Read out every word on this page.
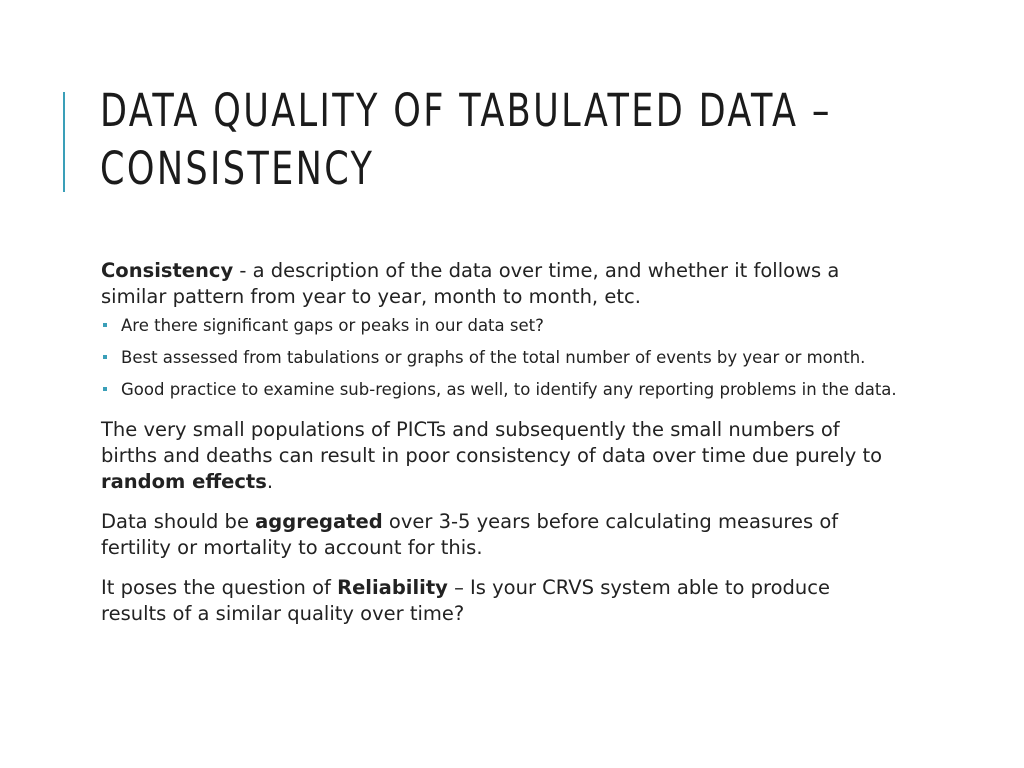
DATA QUALITY OF TABULATED DATA –
CONSISTENCY

Consistency - a description of the data over time, and whether it follows a similar pattern from year to year, month to month, etc.

Are there significant gaps or peaks in our data set?
Best assessed from tabulations or graphs of the total number of events by year or month.
Good practice to examine sub-regions, as well, to identify any reporting problems in the data.

The very small populations of PICTs and subsequently the small numbers of births and deaths can result in poor consistency of data over time due purely to random effects.

Data should be aggregated over 3-5 years before calculating measures of fertility or mortality to account for this.

It poses the question of Reliability – Is your CRVS system able to produce results of a similar quality over time?
